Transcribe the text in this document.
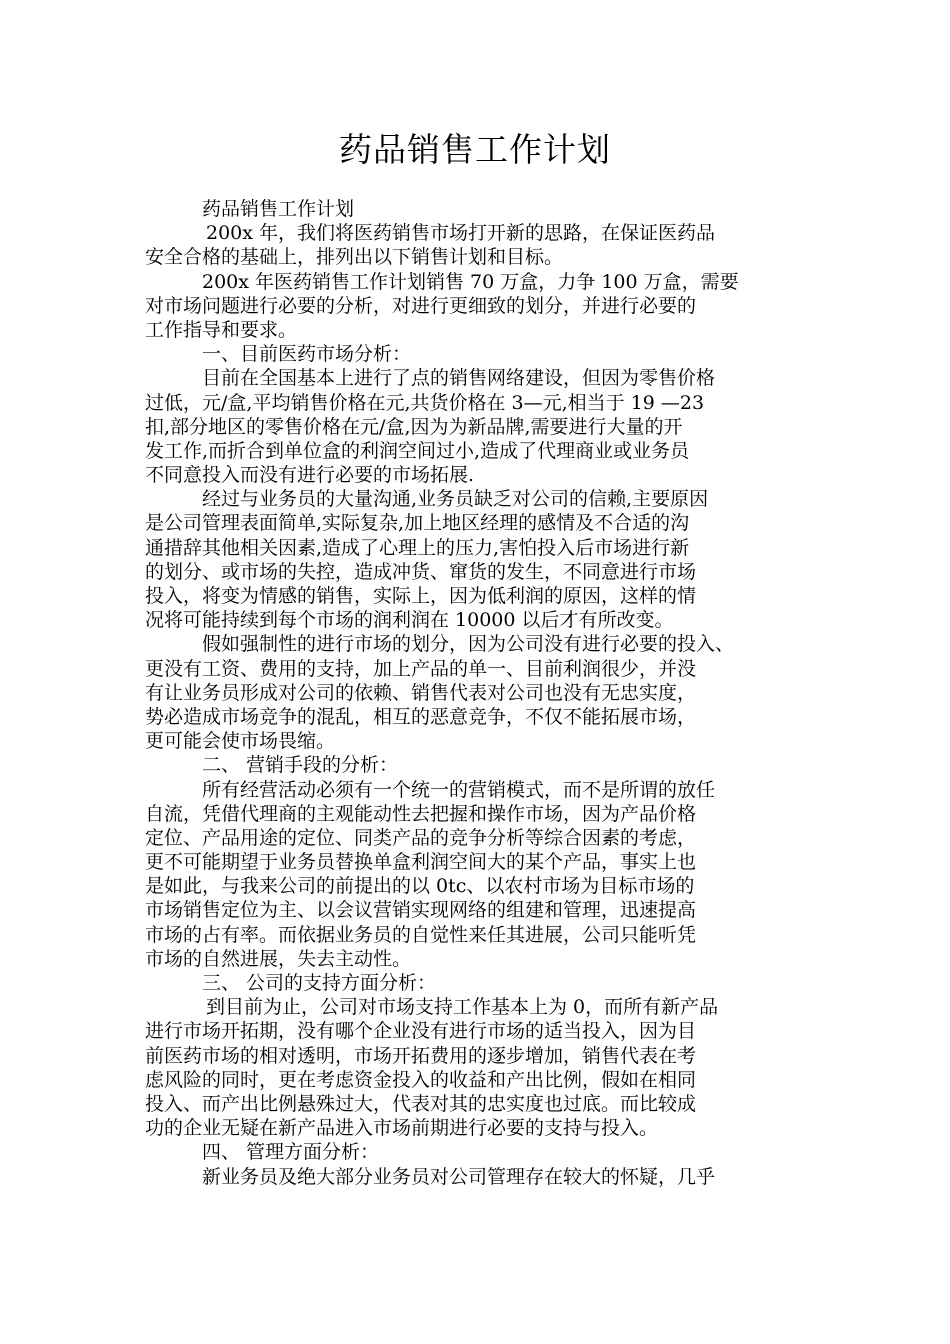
药品销售工作计划
药品销售工作计划
200x 年，我们将医药销售市场打开新的思路，在保证医药品
安全合格的基础上，排列出以下销售计划和目标。
200x 年医药销售工作计划销售 70 万盒，力争 100 万盒，需要
对市场问题进行必要的分析，对进行更细致的划分，并进行必要的
工作指导和要求。
一、目前医药市场分析：
目前在全国基本上进行了点的销售网络建设，但因为零售价格
过低，元/盒,平均销售价格在元,共货价格在 3—元,相当于 19 —23
扣,部分地区的零售价格在元/盒,因为为新品牌,需要进行大量的开
发工作,而折合到单位盒的利润空间过小,造成了代理商业或业务员
不同意投入而没有进行必要的市场拓展.
经过与业务员的大量沟通,业务员缺乏对公司的信赖,主要原因
是公司管理表面简单,实际复杂,加上地区经理的感情及不合适的沟
通措辞其他相关因素,造成了心理上的压力,害怕投入后市场进行新
的划分、或市场的失控，造成冲货、窜货的发生，不同意进行市场
投入，将变为情感的销售，实际上，因为低利润的原因，这样的情
况将可能持续到每个市场的润利润在 10000 以后才有所改变。
假如强制性的进行市场的划分，因为公司没有进行必要的投入、
更没有工资、费用的支持，加上产品的单一、目前利润很少，并没
有让业务员形成对公司的依赖、销售代表对公司也没有无忠实度，
势必造成市场竞争的混乱，相互的恶意竞争，不仅不能拓展市场，
更可能会使市场畏缩。
二、 营销手段的分析：
所有经营活动必须有一个统一的营销模式，而不是所谓的放任
自流，凭借代理商的主观能动性去把握和操作市场，因为产品价格
定位、产品用途的定位、同类产品的竞争分析等综合因素的考虑，
更不可能期望于业务员替换单盒利润空间大的某个产品，事实上也
是如此，与我来公司的前提出的以 0tc、以农村市场为目标市场的
市场销售定位为主、以会议营销实现网络的组建和管理，迅速提高
市场的占有率。而依据业务员的自觉性来任其进展，公司只能听凭
市场的自然进展，失去主动性。
三、 公司的支持方面分析：
到目前为止，公司对市场支持工作基本上为 0，而所有新产品
进行市场开拓期，没有哪个企业没有进行市场的适当投入，因为目
前医药市场的相对透明，市场开拓费用的逐步增加，销售代表在考
虑风险的同时，更在考虑资金投入的收益和产出比例，假如在相同
投入、而产出比例悬殊过大，代表对其的忠实度也过底。而比较成
功的企业无疑在新产品进入市场前期进行必要的支持与投入。
四、 管理方面分析：
新业务员及绝大部分业务员对公司管理存在较大的怀疑，几乎
